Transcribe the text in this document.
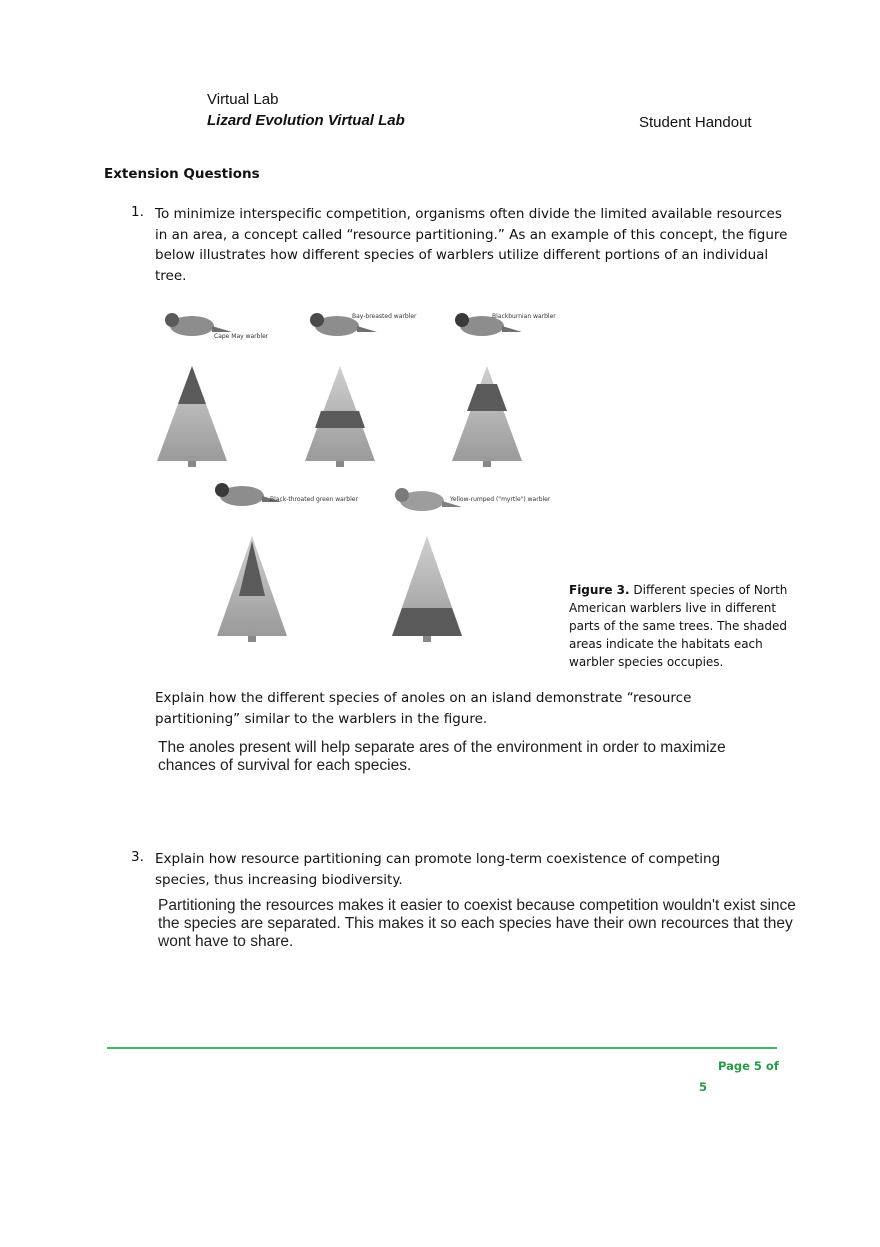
Virtual Lab
Lizard Evolution Virtual Lab	Student Handout
Extension Questions
1. To minimize interspecific competition, organisms often divide the limited available resources in an area, a concept called “resource partitioning.” As an example of this concept, the figure below illustrates how different species of warblers utilize different portions of an individual tree.
Cape May warbler
Bay-breasted warbler	Blackburnian warbler
Black-throated green warbler	Yellow-rumped ("myrtle") warbler
Figure 3. Different species of North American warblers live in different parts of the same trees. The shaded areas indicate the habitats each warbler species occupies.
Explain how the different species of anoles on an island demonstrate “resource partitioning” similar to the warblers in the figure.
The anoles present will help separate ares of the environment in order to maximize chances of survival for each species.
3. Explain how resource partitioning can promote long-term coexistence of competing species, thus increasing biodiversity.
Partitioning the resources makes it easier to coexist because competition wouldn't exist since the species are separated. This makes it so each species have their own recources that they wont have to share.
Page 5 of
5
